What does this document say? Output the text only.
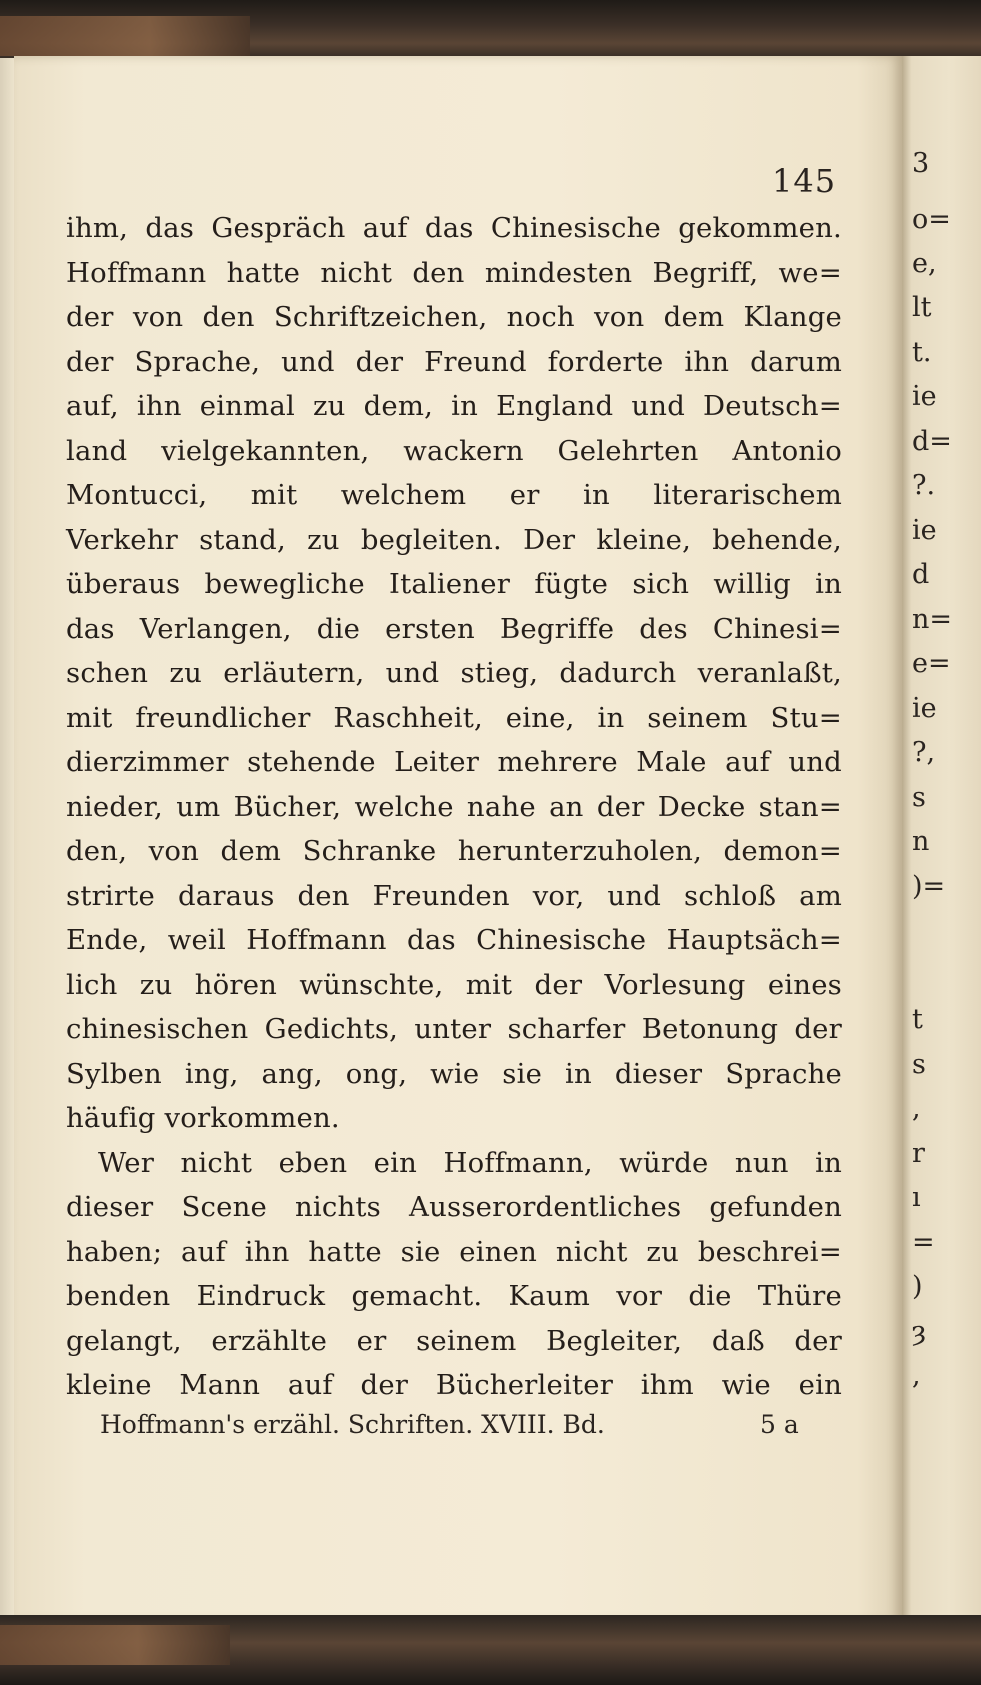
3
o=
e,
lt
t.
ie
d=
?.
ie
d
n=
e=
ie
?,
s
n
)=
t
s
,
r
ı
=
)
ȝ
,
145
ihm, das Gespräch auf das Chinesische gekommen.
Hoffmann hatte nicht den mindesten Begriff, we=
der von den Schriftzeichen, noch von dem Klange
der Sprache, und der Freund forderte ihn darum
auf, ihn einmal zu dem, in England und Deutsch=
land vielgekannten, wackern Gelehrten Antonio
Montucci, mit welchem er in literarischem
Verkehr stand, zu begleiten. Der kleine, behende,
überaus bewegliche Italiener fügte sich willig in
das Verlangen, die ersten Begriffe des Chinesi=
schen zu erläutern, und stieg, dadurch veranlaßt,
mit freundlicher Raschheit, eine, in seinem Stu=
dierzimmer stehende Leiter mehrere Male auf und
nieder, um Bücher, welche nahe an der Decke stan=
den, von dem Schranke herunterzuholen, demon=
strirte daraus den Freunden vor, und schloß am
Ende, weil Hoffmann das Chinesische Hauptsäch=
lich zu hören wünschte, mit der Vorlesung eines
chinesischen Gedichts, unter scharfer Betonung der
Sylben ing, ang, ong, wie sie in dieser Sprache
häufig vorkommen.
Wer nicht eben ein Hoffmann, würde nun in
dieser Scene nichts Ausserordentliches gefunden
haben; auf ihn hatte sie einen nicht zu beschrei=
benden Eindruck gemacht. Kaum vor die Thüre
gelangt, erzählte er seinem Begleiter, daß der
kleine Mann auf der Bücherleiter ihm wie ein
Hoffmann's erzähl. Schriften. XVIII. Bd.	5 a
